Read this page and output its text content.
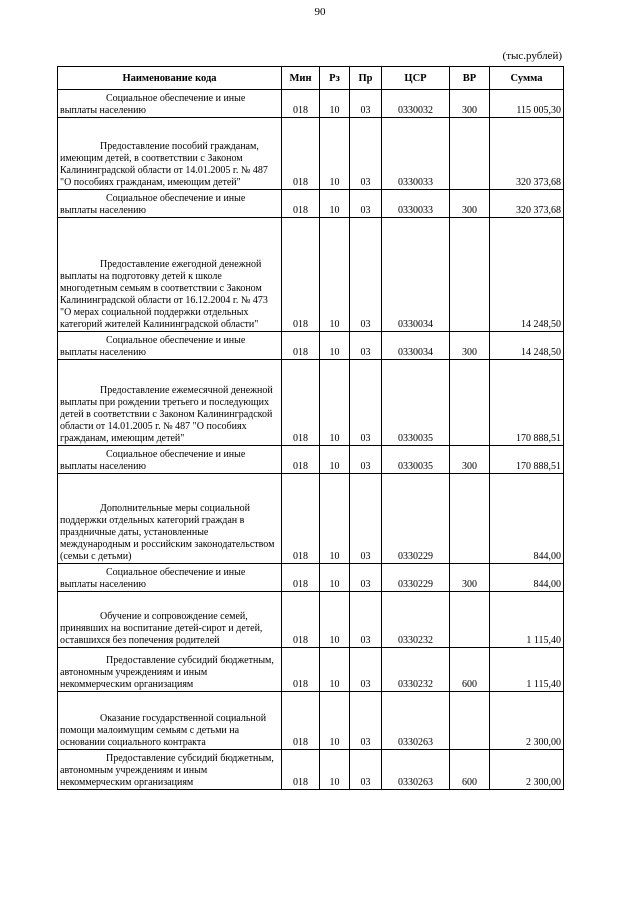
90
(тыс.рублей)
Наименование кода	Мин	Рз	Пр	ЦСР	ВР	Сумма
Социальное обеспечение и иные выплаты населению	018	10	03	0330032	300	115 005,30
Предоставление пособий гражданам, имеющим детей, в соответствии с Законом Калининградской области от 14.01.2005 г. № 487 "О пособиях гражданам, имеющим детей"	018	10	03	0330033		320 373,68
Социальное обеспечение и иные выплаты населению	018	10	03	0330033	300	320 373,68
Предоставление ежегодной денежной выплаты на подготовку детей к школе многодетным семьям в соответствии с Законом Калининградской области от 16.12.2004 г. № 473 "О мерах социальной поддержки отдельных категорий жителей Калининградской области"	018	10	03	0330034		14 248,50
Социальное обеспечение и иные выплаты населению	018	10	03	0330034	300	14 248,50
Предоставление ежемесячной денежной выплаты при рождении третьего и последующих детей в соответствии с Законом Калининградской области от 14.01.2005 г. № 487 "О пособиях гражданам, имеющим детей"	018	10	03	0330035		170 888,51
Социальное обеспечение и иные выплаты населению	018	10	03	0330035	300	170 888,51
Дополнительные меры социальной поддержки отдельных категорий граждан в праздничные даты, установленные международным и российским законодательством (семьи с детьми)	018	10	03	0330229		844,00
Социальное обеспечение и иные выплаты населению	018	10	03	0330229	300	844,00
Обучение и сопровождение семей, принявших на воспитание детей-сирот и детей, оставшихся без попечения родителей	018	10	03	0330232		1 115,40
Предоставление субсидий бюджетным, автономным учреждениям и иным некоммерческим организациям	018	10	03	0330232	600	1 115,40
Оказание государственной социальной помощи малоимущим семьям с детьми на основании социального контракта	018	10	03	0330263		2 300,00
Предоставление субсидий бюджетным, автономным учреждениям и иным некоммерческим организациям	018	10	03	0330263	600	2 300,00
